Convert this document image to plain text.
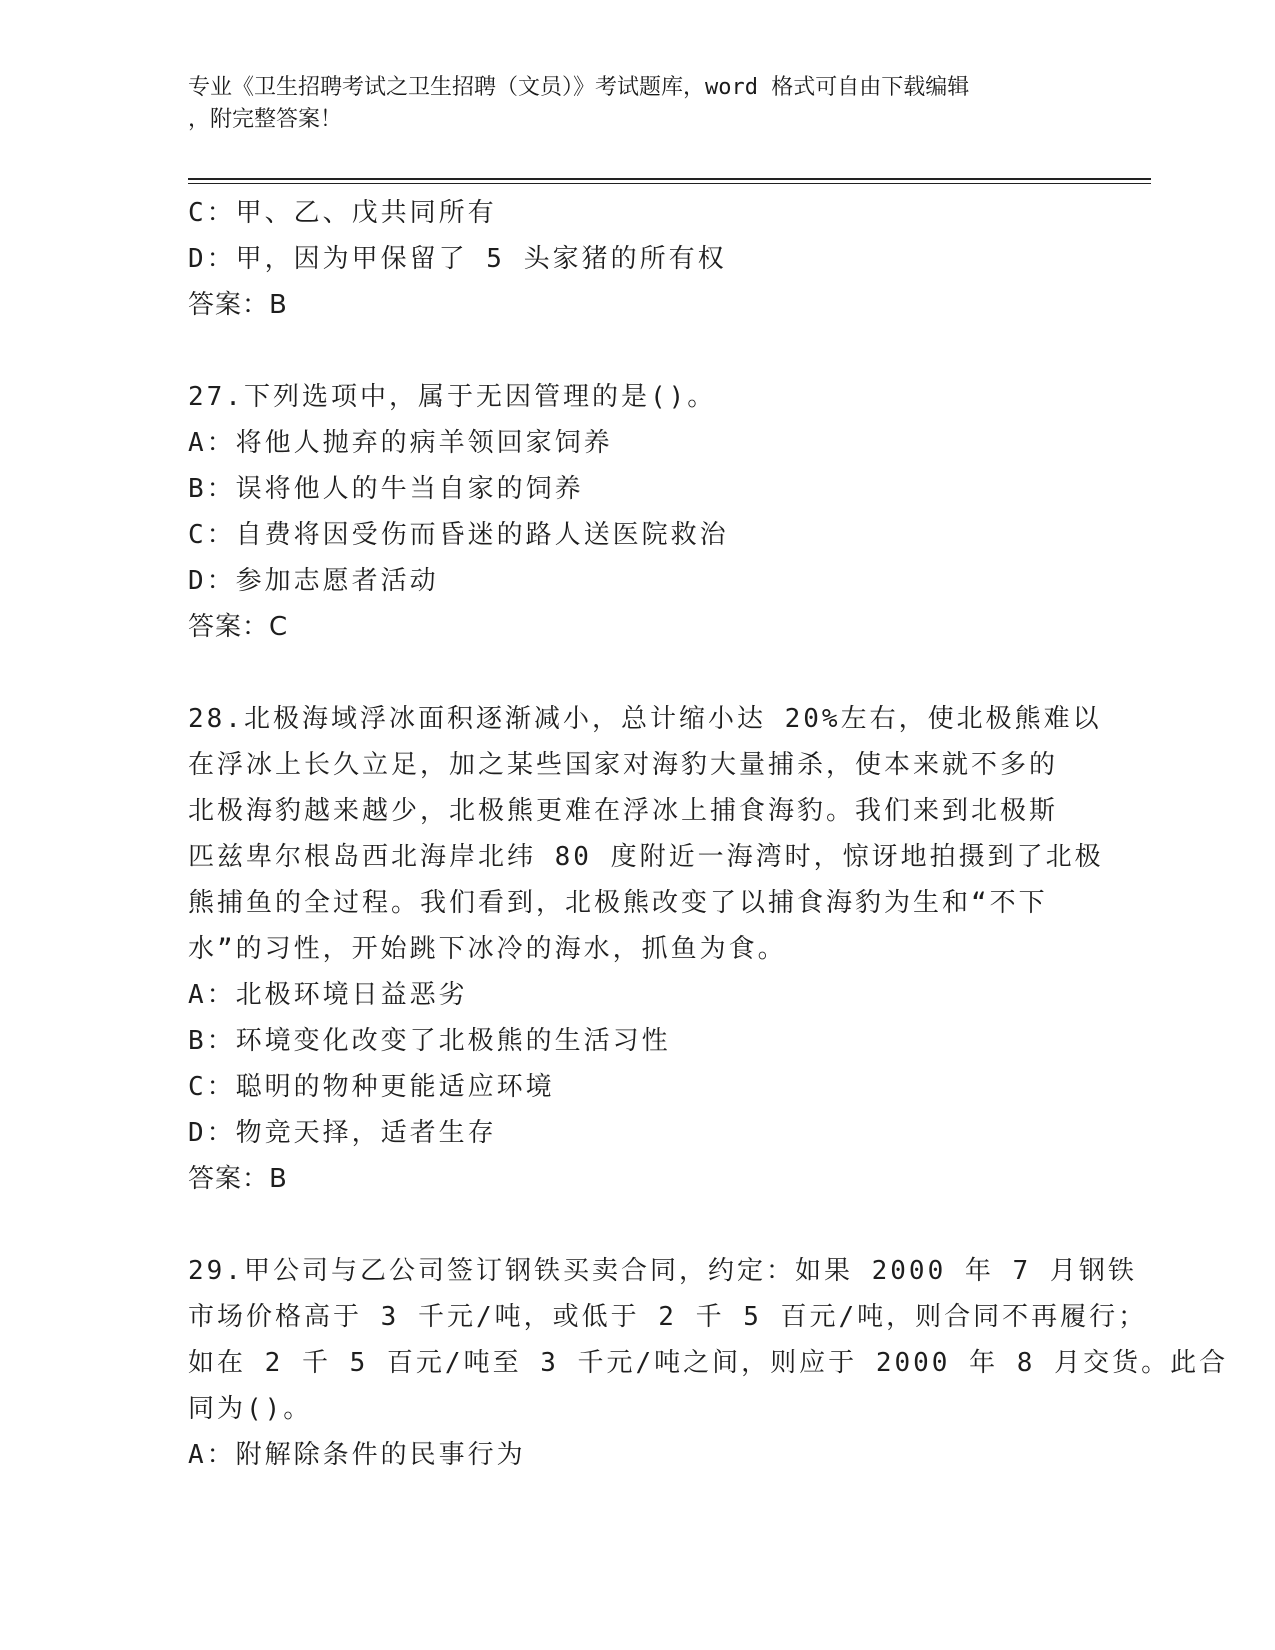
专业《卫生招聘考试之卫生招聘（文员）》考试题库，word 格式可自由下载编辑
，附完整答案！
C：甲、乙、戊共同所有
D：甲，因为甲保留了 5 头家猪的所有权
答案：B
27.下列选项中，属于无因管理的是()。
A：将他人抛弃的病羊领回家饲养
B：误将他人的牛当自家的饲养
C：自费将因受伤而昏迷的路人送医院救治
D：参加志愿者活动
答案：C
28.北极海域浮冰面积逐渐减小，总计缩小达 20%左右，使北极熊难以
在浮冰上长久立足，加之某些国家对海豹大量捕杀，使本来就不多的
北极海豹越来越少，北极熊更难在浮冰上捕食海豹。我们来到北极斯
匹兹卑尔根岛西北海岸北纬 80 度附近一海湾时，惊讶地拍摄到了北极
熊捕鱼的全过程。我们看到，北极熊改变了以捕食海豹为生和“不下
水”的习性，开始跳下冰冷的海水，抓鱼为食。
A：北极环境日益恶劣
B：环境变化改变了北极熊的生活习性
C：聪明的物种更能适应环境
D：物竞天择，适者生存
答案：B
29.甲公司与乙公司签订钢铁买卖合同，约定：如果 2000 年 7 月钢铁
市场价格高于 3 千元/吨，或低于 2 千 5 百元/吨，则合同不再履行；
如在 2 千 5 百元/吨至 3 千元/吨之间，则应于 2000 年 8 月交货。此合
同为()。
A：附解除条件的民事行为
